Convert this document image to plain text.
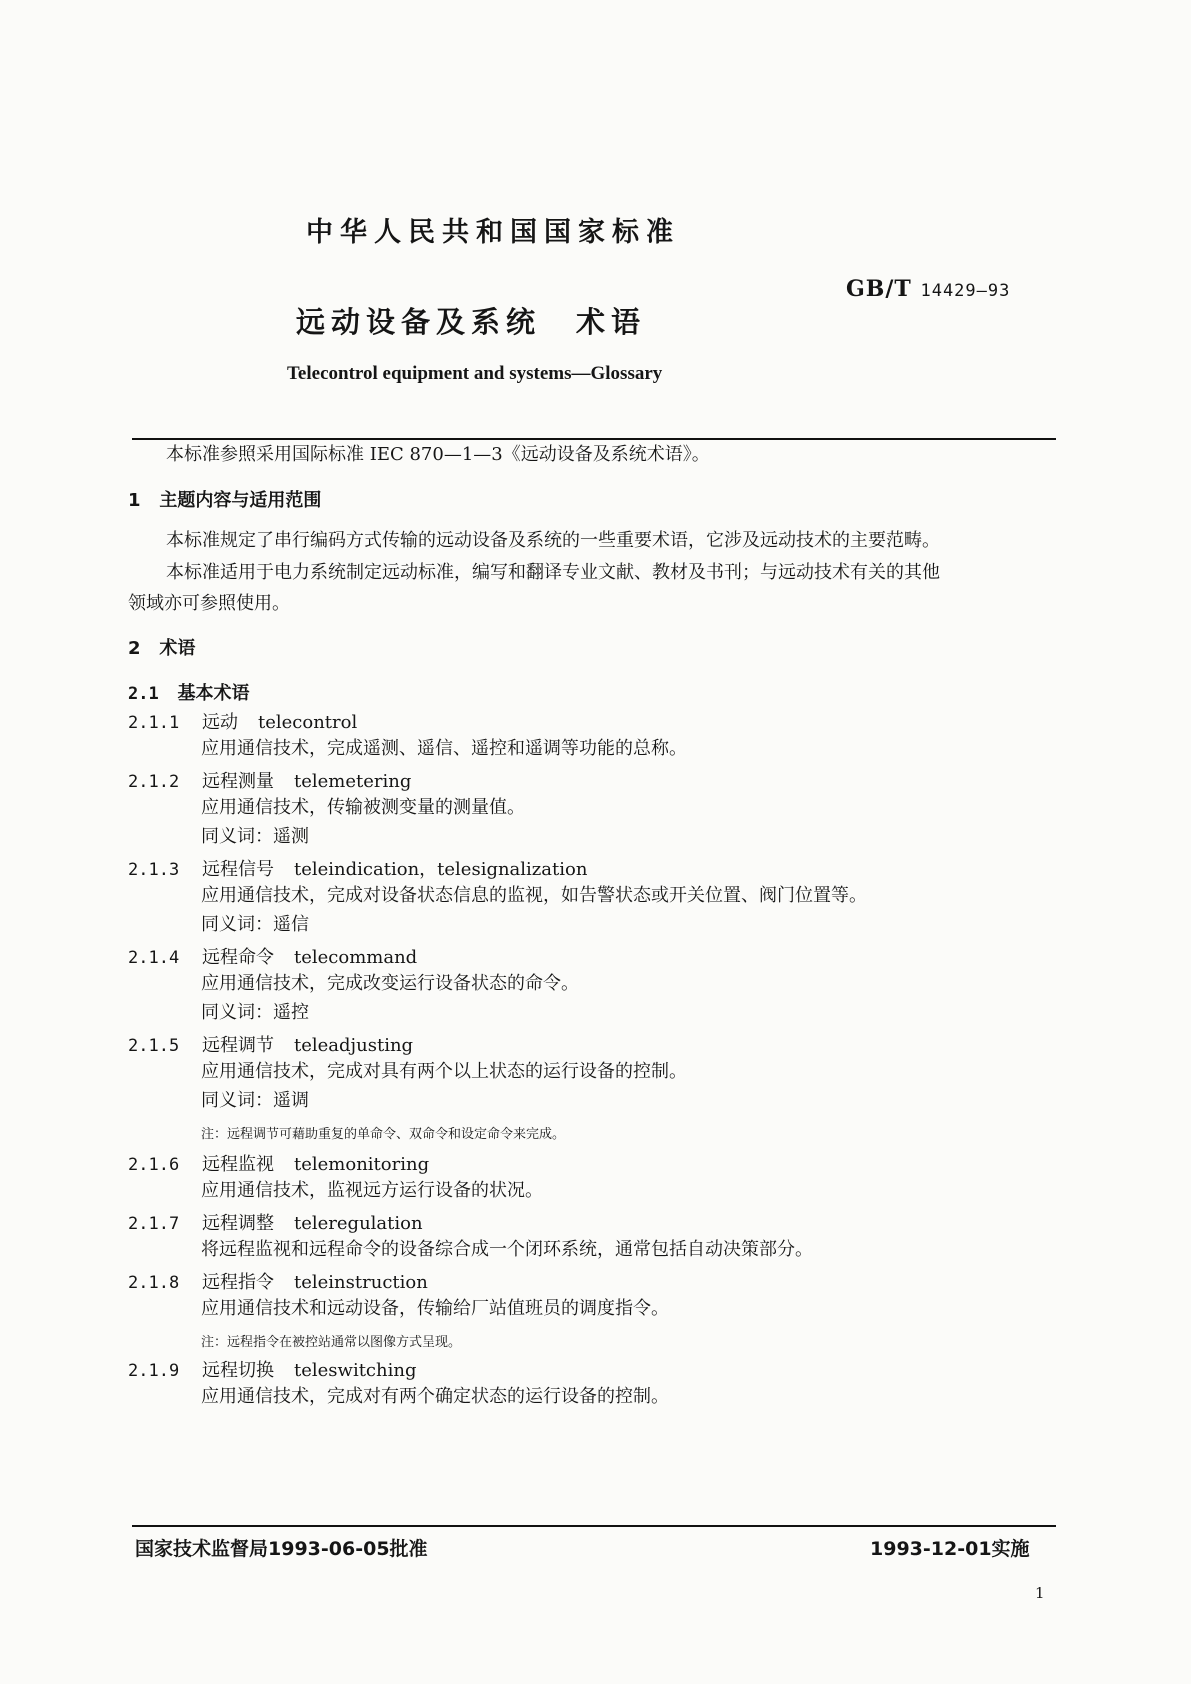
中华人民共和国国家标准
GB/T 14429—93
远动设备及系统　术语
Telecontrol equipment and systems—Glossary
本标准参照采用国际标准 IEC 870—1—3《远动设备及系统术语》。
1 主题内容与适用范围
本标准规定了串行编码方式传输的远动设备及系统的一些重要术语，它涉及远动技术的主要范畴。
本标准适用于电力系统制定远动标准，编写和翻译专业文献、教材及书刊；与远动技术有关的其他
领域亦可参照使用。
2 术语
2.1 基本术语
2.1.1 远动 telecontrol
应用通信技术，完成遥测、遥信、遥控和遥调等功能的总称。
2.1.2 远程测量 telemetering
应用通信技术，传输被测变量的测量值。
同义词：遥测
2.1.3 远程信号 teleindication，telesignalization
应用通信技术，完成对设备状态信息的监视，如告警状态或开关位置、阀门位置等。
同义词：遥信
2.1.4 远程命令 telecommand
应用通信技术，完成改变运行设备状态的命令。
同义词：遥控
2.1.5 远程调节 teleadjusting
应用通信技术，完成对具有两个以上状态的运行设备的控制。
同义词：遥调
注：远程调节可藉助重复的单命令、双命令和设定命令来完成。
2.1.6 远程监视 telemonitoring
应用通信技术，监视远方运行设备的状况。
2.1.7 远程调整 teleregulation
将远程监视和远程命令的设备综合成一个闭环系统，通常包括自动决策部分。
2.1.8 远程指令 teleinstruction
应用通信技术和远动设备，传输给厂站值班员的调度指令。
注：远程指令在被控站通常以图像方式呈现。
2.1.9 远程切换 teleswitching
应用通信技术，完成对有两个确定状态的运行设备的控制。
国家技术监督局1993-06-05批准	1993-12-01实施
1
